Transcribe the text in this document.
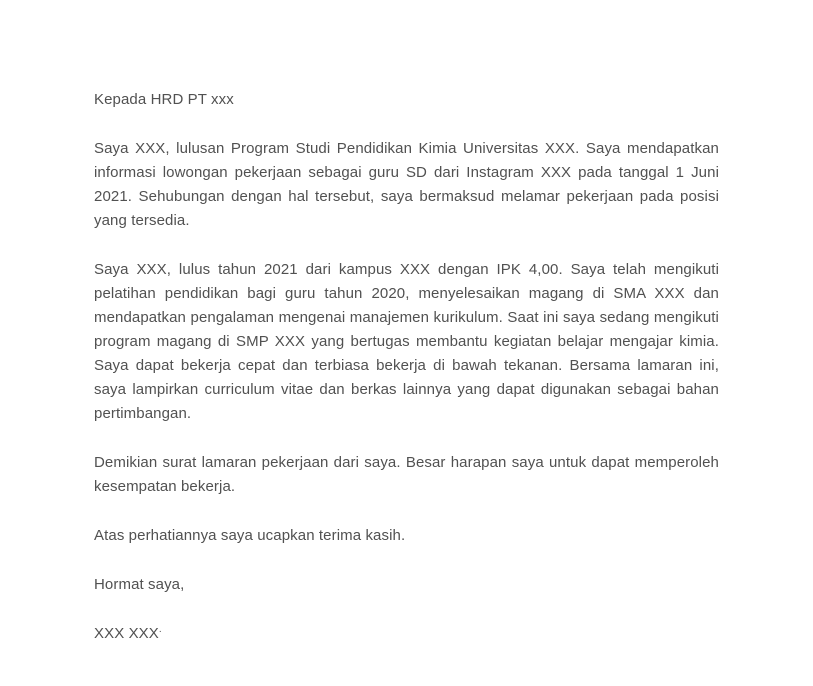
Kepada HRD PT xxx

Saya XXX, lulusan Program Studi Pendidikan Kimia Universitas XXX. Saya mendapatkan informasi lowongan pekerjaan sebagai guru SD dari Instagram XXX pada tanggal 1 Juni 2021. Sehubungan dengan hal tersebut, saya bermaksud melamar pekerjaan pada posisi yang tersedia.

Saya XXX, lulus tahun 2021 dari kampus XXX dengan IPK 4,00. Saya telah mengikuti pelatihan pendidikan bagi guru tahun 2020, menyelesaikan magang di SMA XXX dan mendapatkan pengalaman mengenai manajemen kurikulum. Saat ini saya sedang mengikuti program magang di SMP XXX yang bertugas membantu kegiatan belajar mengajar kimia. Saya dapat bekerja cepat dan terbiasa bekerja di bawah tekanan. Bersama lamaran ini, saya lampirkan curriculum vitae dan berkas lainnya yang dapat digunakan sebagai bahan pertimbangan.

Demikian surat lamaran pekerjaan dari saya. Besar harapan saya untuk dapat memperoleh kesempatan bekerja.

Atas perhatiannya saya ucapkan terima kasih.

Hormat saya,

XXX XXX.
